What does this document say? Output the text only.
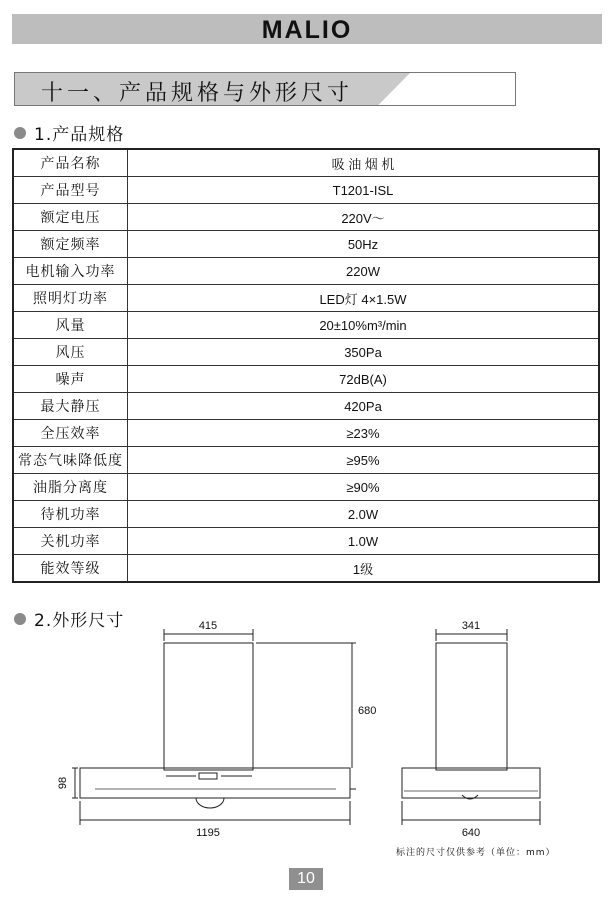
MALIO
十一、产品规格与外形尺寸
1.产品规格
产品名称	吸 油 烟 机
产品型号	T1201-ISL
额定电压	220V～
额定频率	50Hz
电机输入功率	220W
照明灯功率	LED灯 4×1.5W
风量	20±10%m³/min
风压	350Pa
噪声	72dB(A)
最大静压	420Pa
全压效率	≥23%
常态气味降低度	≥95%
油脂分离度	≥90%
待机功率	2.0W
关机功率	1.0W
能效等级	1级
2.外形尺寸	415
680
98
1195
341
640
标注的尺寸仅供参考（单位：mm）
10
